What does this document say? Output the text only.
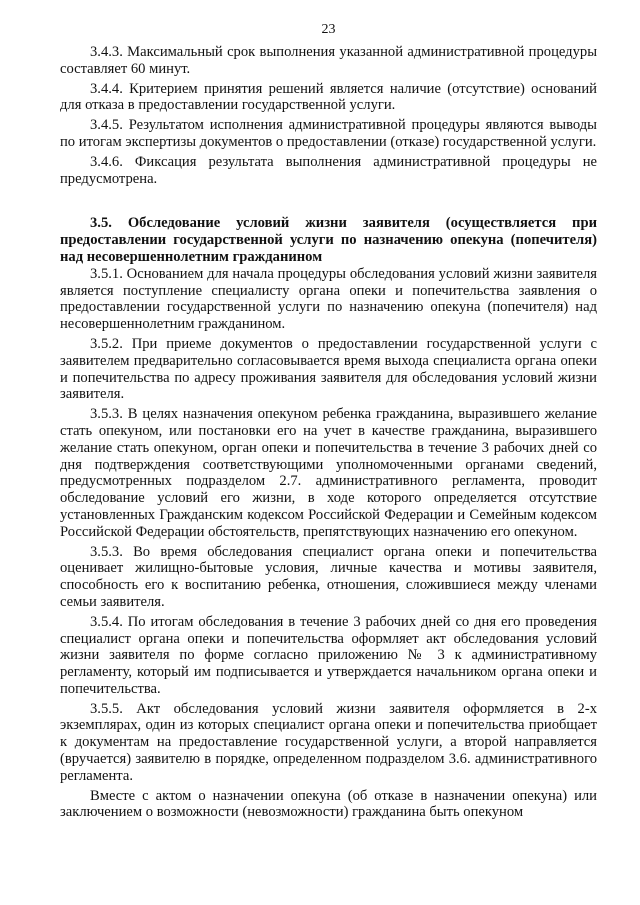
23

3.4.3. Максимальный срок выполнения указанной административной процедуры составляет 60 минут.

3.4.4. Критерием принятия решений является наличие (отсутствие) оснований для отказа в предоставлении государственной услуги.

3.4.5. Результатом исполнения административной процедуры являются выводы по итогам экспертизы документов о предоставлении (отказе) государственной услуги.

3.4.6. Фиксация результата выполнения административной процедуры не предусмотрена.

3.5. Обследование условий жизни заявителя (осуществляется при предоставлении государственной услуги по назначению опекуна (попечителя) над несовершеннолетним гражданином

3.5.1. Основанием для начала процедуры обследования условий жизни заявителя является поступление специалисту органа опеки и попечительства заявления о предоставлении государственной услуги по назначению опекуна (попечителя) над несовершеннолетним гражданином.

3.5.2. При приеме документов о предоставлении государственной услуги с заявителем предварительно согласовывается время выхода специалиста органа опеки и попечительства по адресу проживания заявителя для обследования условий жизни заявителя.

3.5.3. В целях назначения опекуном ребенка гражданина, выразившего желание стать опекуном, или постановки его на учет в качестве гражданина, выразившего желание стать опекуном, орган опеки и попечительства в течение 3 рабочих дней со дня подтверждения соответствующими уполномоченными органами сведений, предусмотренных подразделом 2.7. административного регламента, проводит обследование условий его жизни, в ходе которого определяется отсутствие установленных Гражданским кодексом Российской Федерации и Семейным кодексом Российской Федерации обстоятельств, препятствующих назначению его опекуном.

3.5.3. Во время обследования специалист органа опеки и попечительства оценивает жилищно-бытовые условия, личные качества и мотивы заявителя, способность его к воспитанию ребенка, отношения, сложившиеся между членами семьи заявителя.

3.5.4. По итогам обследования в течение 3 рабочих дней со дня его проведения специалист органа опеки и попечительства оформляет акт обследования условий жизни заявителя по форме согласно приложению № 3 к административному регламенту, который им подписывается и утверждается начальником органа опеки и попечительства.

3.5.5. Акт обследования условий жизни заявителя оформляется в 2-х экземплярах, один из которых специалист органа опеки и попечительства приобщает к документам на предоставление государственной услуги, а второй направляется (вручается) заявителю в порядке, определенном подразделом 3.6. административного регламента.

Вместе с актом о назначении опекуна (об отказе в назначении опекуна) или заключением о возможности (невозможности) гражданина быть опекуном
